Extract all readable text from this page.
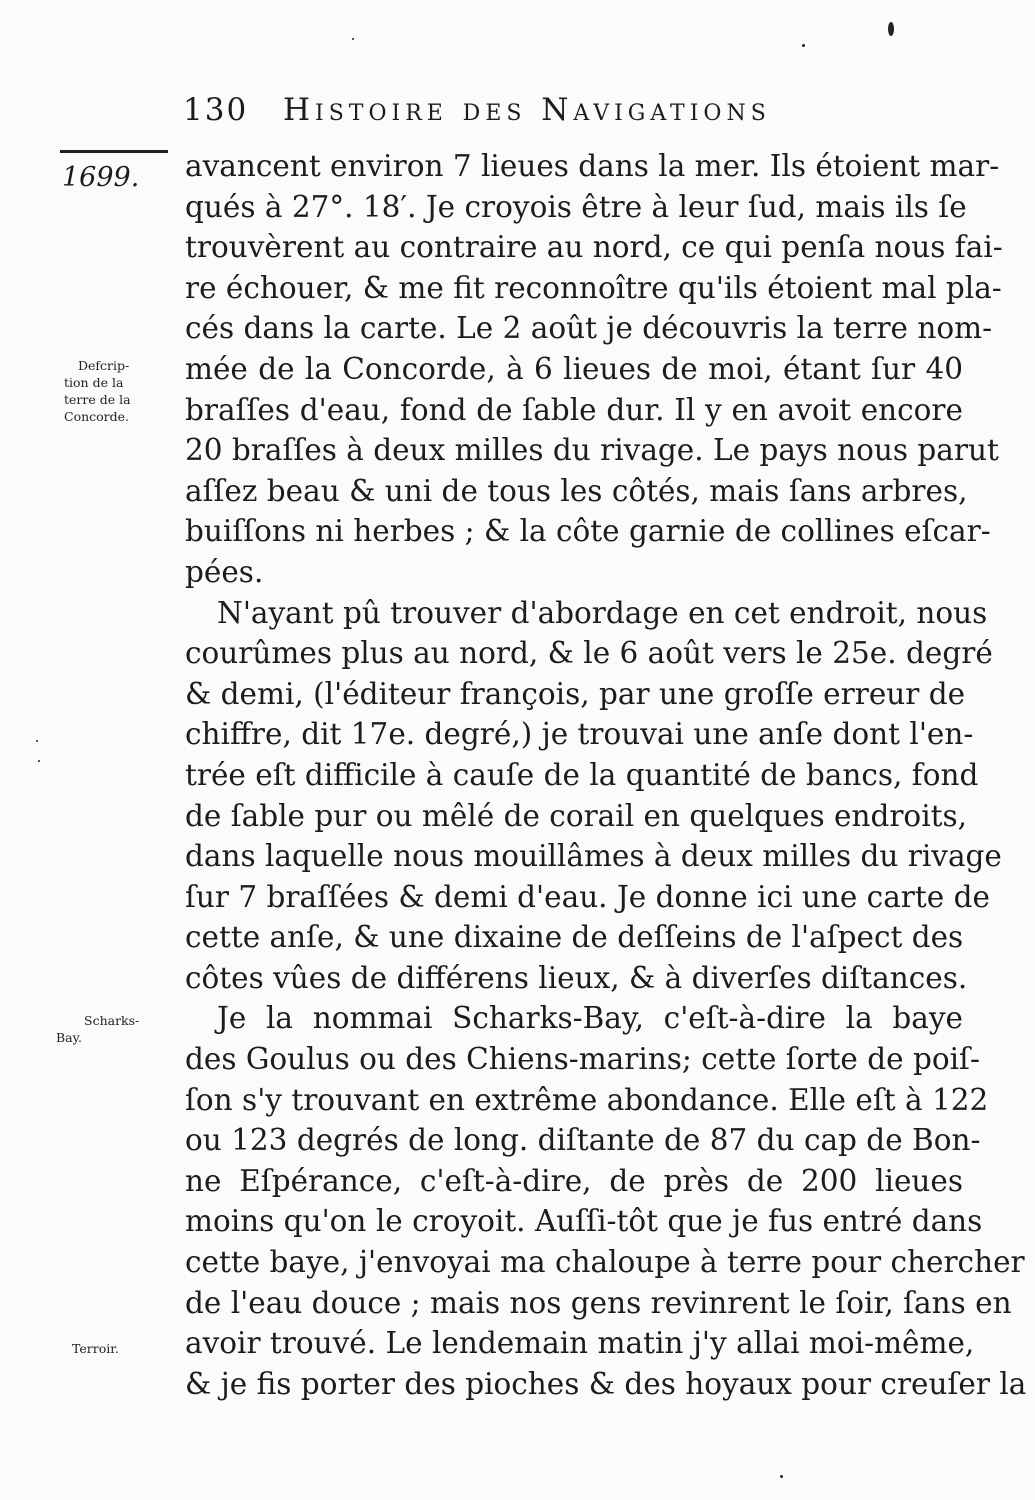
130 Histoire des Navigations
1699.
Defcrip-
tion de la
terre de la
Concorde.
Scharks-
Bay.
Terroir.
avancent environ 7 lieues dans la mer. Ils étoient mar-
qués à 27°. 18′. Je croyois être à leur ſud, mais ils ſe
trouvèrent au contraire au nord, ce qui penſa nous fai-
re échouer, & me fit reconnoître qu'ils étoient mal pla-
cés dans la carte. Le 2 août je découvris la terre nom-
mée de la Concorde, à 6 lieues de moi, étant ſur 40
braſſes d'eau, fond de ſable dur. Il y en avoit encore
20 braſſes à deux milles du rivage. Le pays nous parut
aſſez beau & uni de tous les côtés, mais ſans arbres,
buiſſons ni herbes ; & la côte garnie de collines eſcar-
pées.
N'ayant pû trouver d'abordage en cet endroit, nous
courûmes plus au nord, & le 6 août vers le 25e. degré
& demi, (l'éditeur françois, par une groſſe erreur de
chiffre, dit 17e. degré,) je trouvai une anſe dont l'en-
trée eſt difficile à cauſe de la quantité de bancs, fond
de ſable pur ou mêlé de corail en quelques endroits,
dans laquelle nous mouillâmes à deux milles du rivage
ſur 7 braſſées & demi d'eau. Je donne ici une carte de
cette anſe, & une dixaine de deſſeins de l'aſpect des
côtes vûes de différens lieux, & à diverſes diſtances.
Je la nommai Scharks-Bay, c'eſt-à-dire la baye
des Goulus ou des Chiens-marins; cette ſorte de poiſ-
ſon s'y trouvant en extrême abondance. Elle eſt à 122
ou 123 degrés de long. diſtante de 87 du cap de Bon-
ne Eſpérance, c'eſt-à-dire, de près de 200 lieues
moins qu'on le croyoit. Auſſi-tôt que je fus entré dans
cette baye, j'envoyai ma chaloupe à terre pour chercher
de l'eau douce ; mais nos gens revinrent le ſoir, ſans en
avoir trouvé. Le lendemain matin j'y allai moi-même,
& je fis porter des pioches & des hoyaux pour creuſer la
